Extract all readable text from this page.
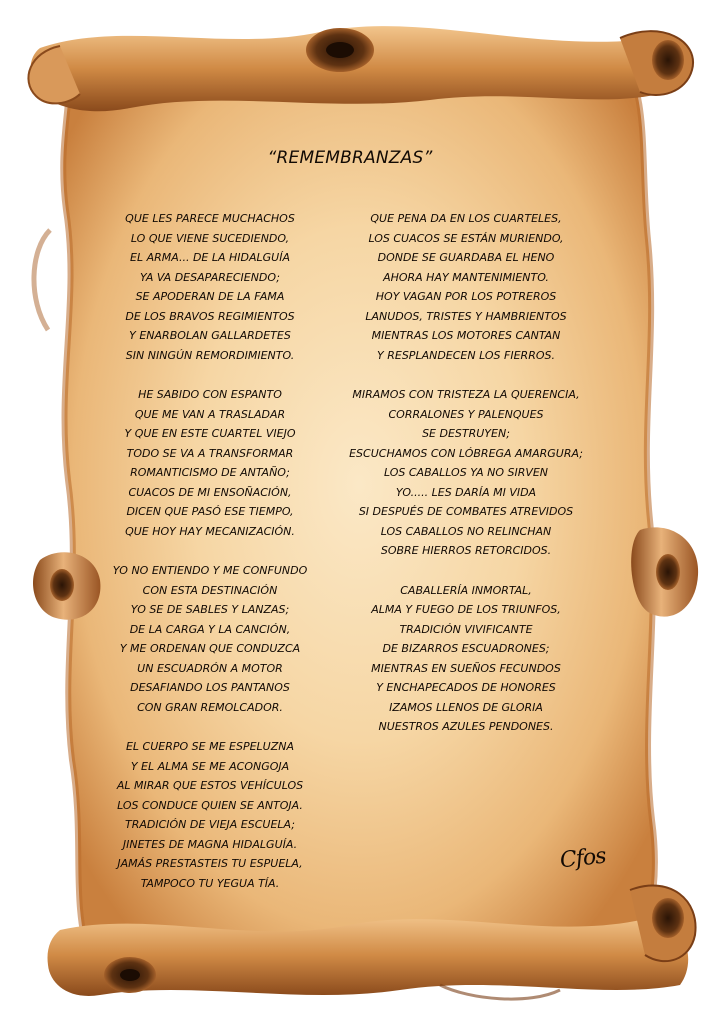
“REMEMBRANZAS”
QUE LES PARECE MUCHACHOS
LO QUE VIENE SUCEDIENDO,
EL ARMA... DE LA HIDALGUÍA
YA VA DESAPARECIENDO;
SE APODERAN DE LA FAMA
DE LOS BRAVOS REGIMIENTOS
Y ENARBOLAN GALLARDETES
SIN NINGÚN REMORDIMIENTO.
HE SABIDO CON ESPANTO
QUE ME VAN A TRASLADAR
Y QUE EN ESTE CUARTEL VIEJO
TODO SE VA A TRANSFORMAR
ROMANTICISMO DE ANTAÑO;
CUACOS DE MI ENSOÑACIÓN,
DICEN QUE PASÓ ESE TIEMPO,
QUE HOY HAY MECANIZACIÓN.
YO NO ENTIENDO Y ME CONFUNDO
CON ESTA DESTINACIÓN
YO SE DE SABLES Y LANZAS;
DE LA CARGA Y LA CANCIÓN,
Y ME ORDENAN QUE CONDUZCA
UN ESCUADRÓN A MOTOR
DESAFIANDO LOS PANTANOS
CON GRAN REMOLCADOR.
EL CUERPO SE ME ESPELUZNA
Y EL ALMA SE ME ACONGOJA
AL MIRAR QUE ESTOS VEHÍCULOS
LOS CONDUCE QUIEN SE ANTOJA.
TRADICIÓN DE VIEJA ESCUELA;
JINETES DE MAGNA HIDALGUÍA.
JAMÁS PRESTASTEIS TU ESPUELA,
TAMPOCO TU YEGUA TÍA.
QUE PENA DA EN LOS CUARTELES,
LOS CUACOS SE ESTÁN MURIENDO,
DONDE SE GUARDABA EL HENO
AHORA HAY MANTENIMIENTO.
HOY VAGAN POR LOS POTREROS
LANUDOS, TRISTES Y HAMBRIENTOS
MIENTRAS LOS MOTORES CANTAN
Y RESPLANDECEN LOS FIERROS.
MIRAMOS CON TRISTEZA LA QUERENCIA,
CORRALONES Y PALENQUES
SE DESTRUYEN;
ESCUCHAMOS CON LÓBREGA AMARGURA;
LOS CABALLOS YA NO SIRVEN
YO..... LES DARÍA MI VIDA
SI DESPUÉS DE COMBATES ATREVIDOS
LOS CABALLOS NO RELINCHAN
SOBRE HIERROS RETORCIDOS.
CABALLERÍA INMORTAL,
ALMA Y FUEGO DE LOS TRIUNFOS,
TRADICIÓN VIVIFICANTE
DE BIZARROS ESCUADRONES;
MIENTRAS EN SUEÑOS FECUNDOS
Y ENCHAPECADOS DE HONORES
IZAMOS LLENOS DE GLORIA
NUESTROS AZULES PENDONES.
Cfos
